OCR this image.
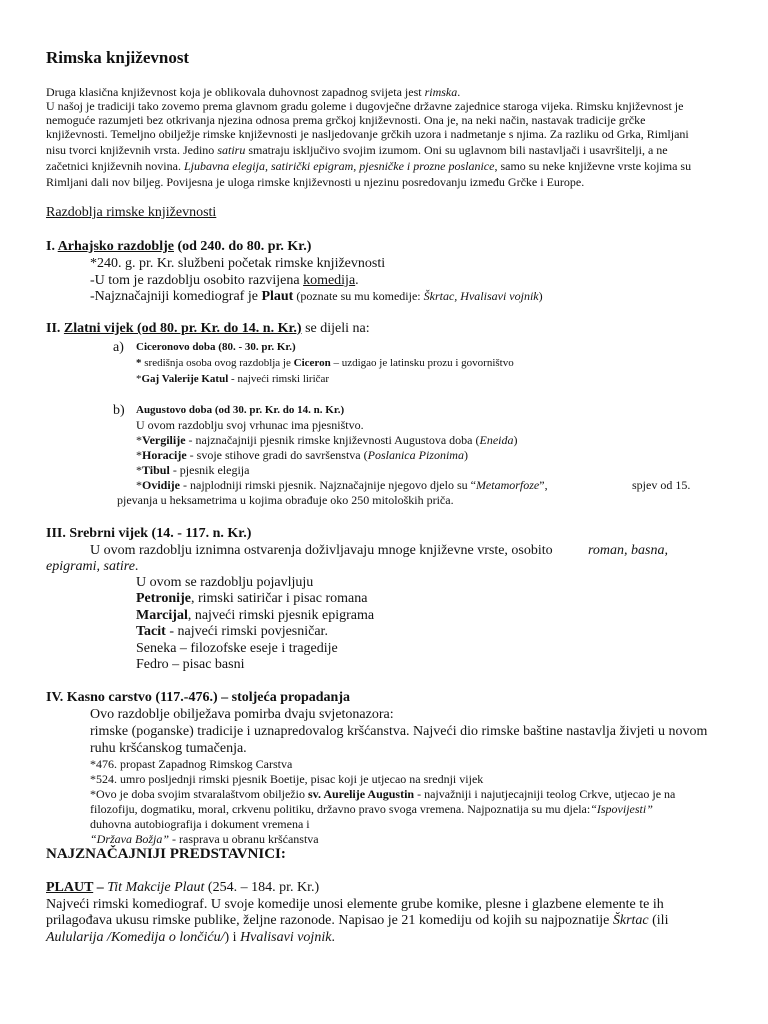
Rimska književnost
Druga klasična književnost koja je oblikovala duhovnost zapadnog svijeta jest rimska.
U našoj je tradiciji tako zovemo prema glavnom gradu goleme i dugovječne državne zajednice staroga vijeka. Rimsku književnost je
nemoguće razumjeti bez otkrivanja njezina odnosa prema grčkoj književnosti. Ona je, na neki način, nastavak tradicije grčke
književnosti. Temeljno obilježje rimske književnosti je nasljedovanje grčkih uzora i nadmetanje s njima. Za razliku od Grka, Rimljani
nisu tvorci književnih vrsta. Jedino satiru smatraju isključivo svojim izumom. Oni su uglavnom bili nastavljači i usavršitelji, a ne
začetnici književnih novina. Ljubavna elegija, satirički epigram, pjesničke i prozne poslanice, samo su neke književne vrste kojima su
Rimljani dali nov biljeg. Povijesna je uloga rimske književnosti u njezinu posredovanju između Grčke i Europe.
Razdoblja rimske književnosti
I. Arhajsko razdoblje (od 240. do 80. pr. Kr.)
*240. g. pr. Kr. službeni početak rimske književnosti
-U tom je razdoblju osobito razvijena komedija.
-Najznačajniji komediograf je Plaut (poznate su mu komedije: Škrtac, Hvalisavi vojnik)
II. Zlatni vijek (od 80. pr. Kr. do 14. n. Kr.) se dijeli na:
a) Ciceronovo doba (80. - 30. pr. Kr.)
* središnja osoba ovog razdoblja je Ciceron – uzdigao je latinsku prozu i govorništvo
*Gaj Valerije Katul - najveći rimski liričar
b) Augustovo doba (od 30. pr. Kr. do 14. n. Kr.)
U ovom razdoblju svoj vrhunac ima pjesništvo.
*Vergilije - najznačajniji pjesnik rimske književnosti Augustova doba (Eneida)
*Horacije - svoje stihove gradi do savršenstva (Poslanica Pizonima)
*Tibul - pjesnik elegija
*Ovidije - najplodniji rimski pjesnik. Najznačajnije njegovo djelo su “Metamorfoze”,	spjev od 15.
pjevanja u heksametrima u kojima obrađuje oko 250 mitoloških priča.
III. Srebrni vijek (14. - 117. n. Kr.)
U ovom razdoblju iznimna ostvarenja doživljavaju mnoge književne vrste, osobito	roman, basna,
epigrami, satire.
U ovom se razdoblju pojavljuju
Petronije, rimski satiričar i pisac romana
Marcijal, najveći rimski pjesnik epigrama
Tacit - najveći rimski povjesničar.
Seneka – filozofske eseje i tragedije
Fedro – pisac basni
IV. Kasno carstvo (117.-476.) – stoljeća propadanja
Ovo razdoblje obilježava pomirba dvaju svjetonazora:
rimske (poganske) tradicije i uznapredovalog kršćanstva. Najveći dio rimske baštine nastavlja živjeti u novom
ruhu kršćanskog tumačenja.
*476. propast Zapadnog Rimskog Carstva
*524. umro posljednji rimski pjesnik Boetije, pisac koji je utjecao na srednji vijek
*Ovo je doba svojim stvaralaštvom obilježio sv. Aurelije Augustin - najvažniji i najutjecajniji teolog Crkve, utjecao je na
filozofiju, dogmatiku, moral, crkvenu politiku, državno pravo svoga vremena. Najpoznatija su mu djela:“Ispovijesti”
duhovna autobiografija i dokument vremena i
“Država Božja” - rasprava u obranu kršćanstva
NAJZNAČAJNIJI PREDSTAVNICI:
PLAUT – Tit Makcije Plaut (254. – 184. pr. Kr.)
Najveći rimski komediograf. U svoje komedije unosi elemente grube komike, plesne i glazbene elemente te ih
prilagođava ukusu rimske publike, željne razonode. Napisao je 21 komediju od kojih su najpoznatije Škrtac (ili
Aulularija /Komedija o lončiću/) i Hvalisavi vojnik.
